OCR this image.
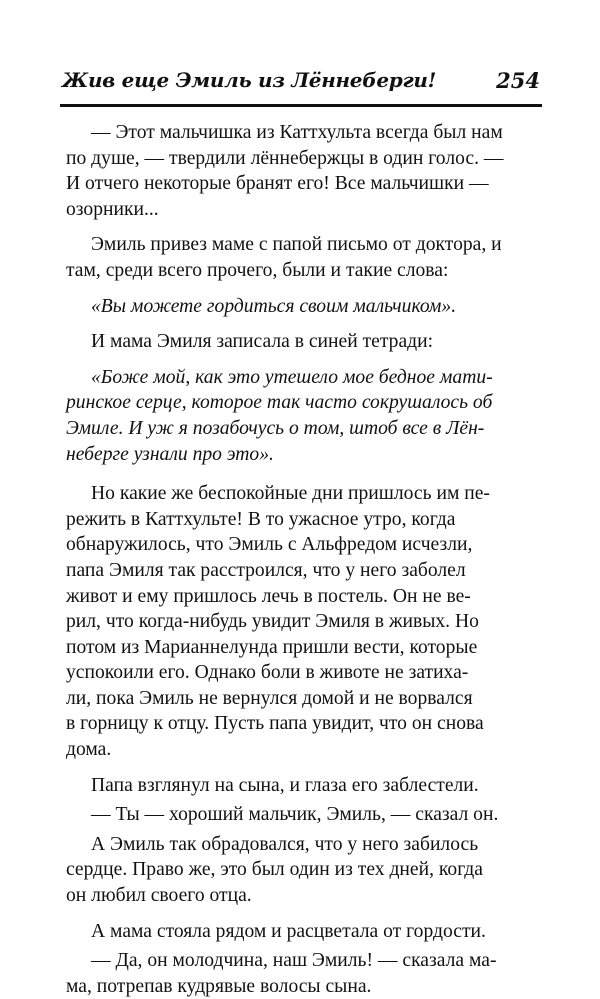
Жив еще Эмиль из Лённеберги!	254

— Этот мальчишка из Каттхульта всегда был нам
по душе, — твердили лённебержцы в один голос. —
И отчего некоторые бранят его! Все мальчишки —
озорники...

Эмиль привез маме с папой письмо от доктора, и
там, среди всего прочего, были и такие слова:

«Вы можете гордиться своим мальчиком».

И мама Эмиля записала в синей тетради:

«Боже мой, как это утешело мое бедное мати-
ринское серце, которое так часто сокрушалось об
Эмиле. И уж я позабочусь о том, штоб все в Лён-
неберге узнали про это».

Но какие же беспокойные дни пришлось им пе-
режить в Каттхульте! В то ужасное утро, когда
обнаружилось, что Эмиль с Альфредом исчезли,
папа Эмиля так расстроился, что у него заболел
живот и ему пришлось лечь в постель. Он не ве-
рил, что когда-нибудь увидит Эмиля в живых. Но
потом из Марианнелунда пришли вести, которые
успокоили его. Однако боли в животе не затиха-
ли, пока Эмиль не вернулся домой и не ворвался
в горницу к отцу. Пусть папа увидит, что он снова
дома.

Папа взглянул на сына, и глаза его заблестели.

— Ты — хороший мальчик, Эмиль, — сказал он.

А Эмиль так обрадовался, что у него забилось
сердце. Право же, это был один из тех дней, когда
он любил своего отца.

А мама стояла рядом и расцветала от гордости.

— Да, он молодчина, наш Эмиль! — сказала ма-
ма, потрепав кудрявые волосы сына.
